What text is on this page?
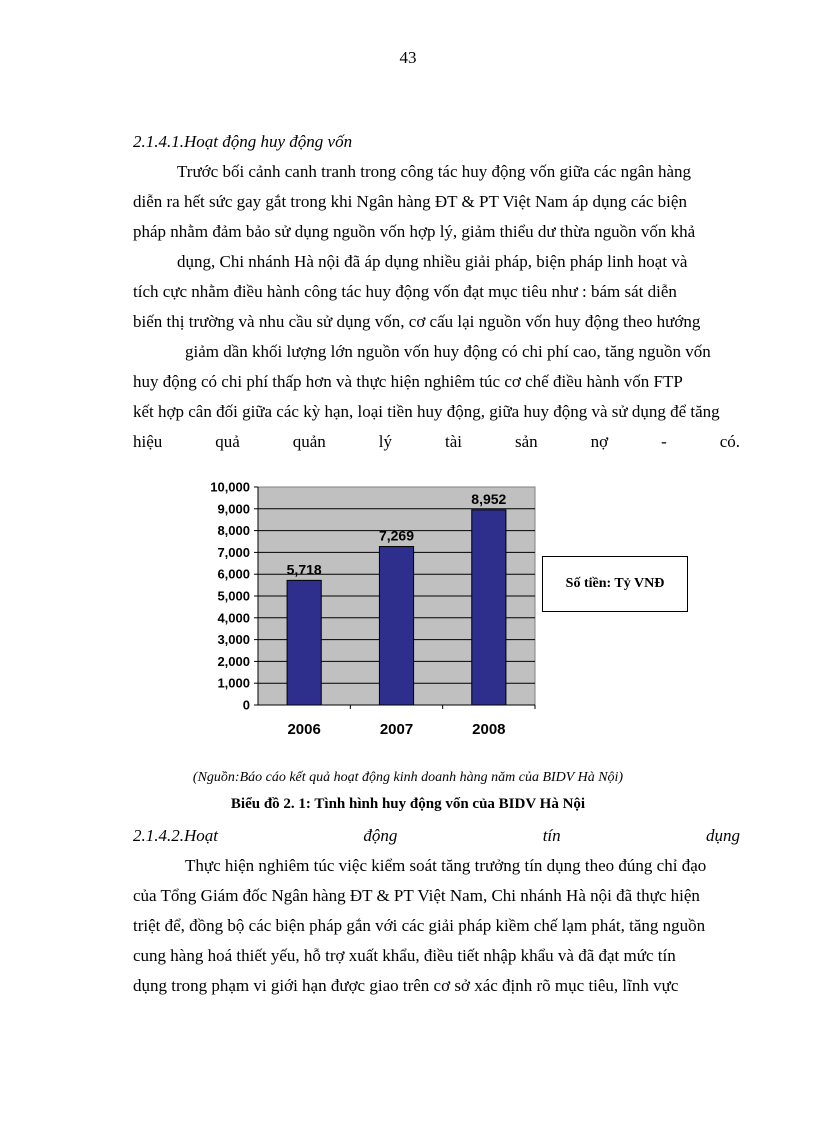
43
2.1.4.1.Hoạt động huy động vốn
Trước bối cảnh canh tranh trong công tác huy động vốn giữa các ngân hàng
diễn ra hết sức gay gắt trong khi Ngân hàng ĐT & PT Việt Nam áp dụng các biện
pháp nhằm đảm bảo sử dụng nguồn vốn hợp lý, giảm thiểu dư thừa nguồn vốn khả
dụng, Chi nhánh Hà nội đã áp dụng nhiều giải pháp, biện pháp linh hoạt và
tích cực nhằm điều hành công tác huy động vốn đạt mục tiêu như : bám sát diễn
biến thị trường và nhu cầu sử dụng vốn, cơ cấu lại nguồn vốn huy động theo hướng
giảm dần khối lượng lớn nguồn vốn huy động có chi phí cao, tăng nguồn vốn
huy động có chi phí thấp hơn và thực hiện nghiêm túc cơ chế điều hành vốn FTP
kết hợp cân đối giữa các kỳ hạn, loại tiền huy động, giữa huy động và sử dụng để tăng
hiệu	quả	quản	lý	tài	sản	nợ	-	có.
0
1,000
2,000
3,000
4,000
5,000
6,000
7,000
8,000
9,000
10,000
5,718
2006
7,269
2007
8,952
2008
Số tiền: Tỷ VNĐ
(Nguồn:Báo cáo kết quả hoạt động kinh doanh hàng năm của BIDV Hà Nội)
Biểu đồ 2. 1: Tình hình huy động vốn của BIDV Hà Nội
2.1.4.2.Hoạt	động	tín	dụng
Thực hiện nghiêm túc việc kiểm soát tăng trưởng tín dụng theo đúng chỉ đạo
của Tổng Giám đốc Ngân hàng ĐT & PT Việt Nam, Chi nhánh Hà nội đã thực hiện
triệt để, đồng bộ các biện pháp gắn với các giải pháp kiềm chế lạm phát, tăng nguồn
cung hàng hoá thiết yếu, hỗ trợ xuất khẩu, điều tiết nhập khẩu và đã đạt mức tín
dụng trong phạm vi giới hạn được giao trên cơ sở xác định rõ mục tiêu, lĩnh vực
